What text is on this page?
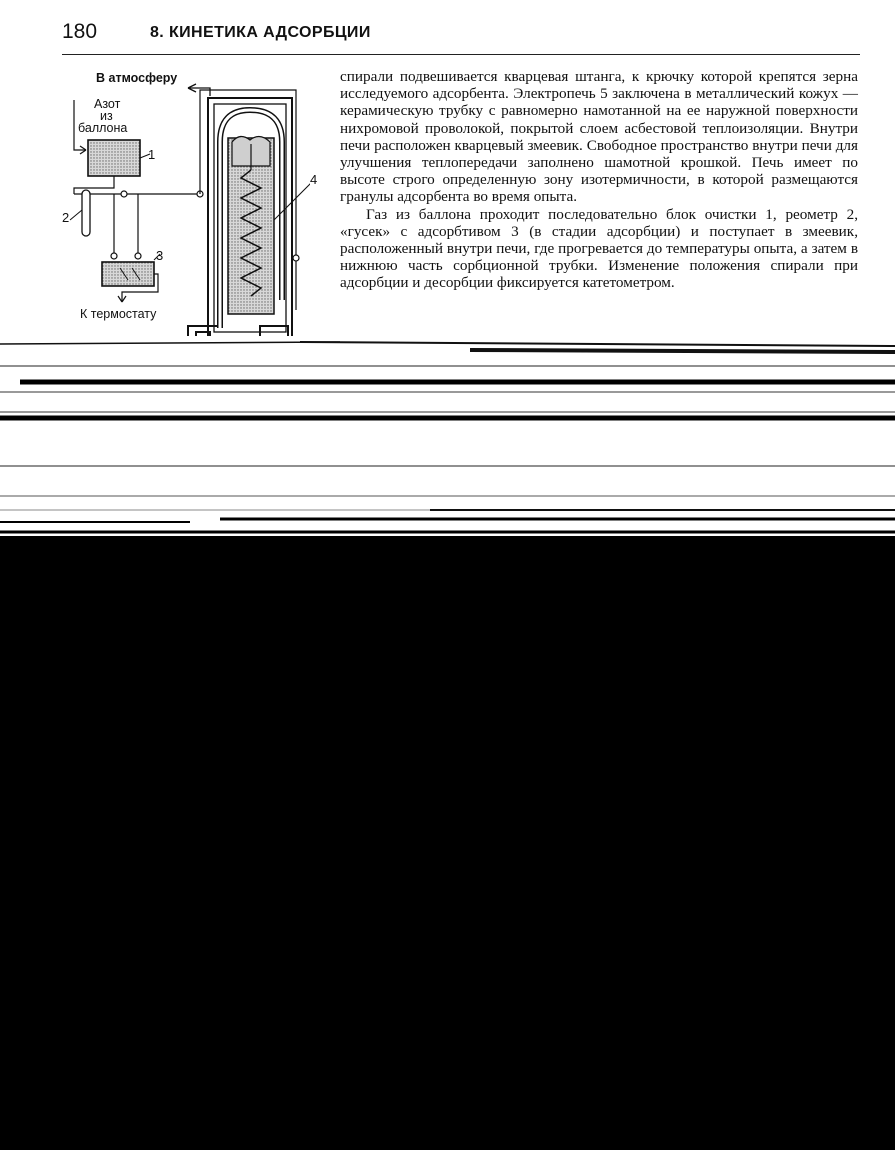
180	8. КИНЕТИКА АДСОРБЦИИ
В атмосферу
Азот
из
баллона
К термостату
1
2
3
4

спирали подвешивается кварцевая штанга, к крючку которой крепятся зерна исследуемого адсорбента. Электропечь 5 заключена в металлический кожух — керамическую трубку с равномерно намотанной на ее наружной поверхности нихромовой проволокой, покрытой слоем асбестовой теплоизоляции. Внутри печи расположен кварцевый змеевик. Свободное пространство внутри печи для улучшения теплопередачи заполнено шамотной крошкой. Печь имеет по высоте строго определенную зону изотермичности, в которой размещаются гранулы адсорбента во время опыта.

Газ из баллона проходит последовательно блок очистки 1, реометр 2, «гусек» с адсорбтивом 3 (в стадии адсорбции) и поступает в змеевик, расположенный внутри печи, где прогревается до температуры опыта, а затем в нижнюю часть сорбционной трубки. Изменение положения спирали при адсорбции и десорбции фиксируется катетометром.
